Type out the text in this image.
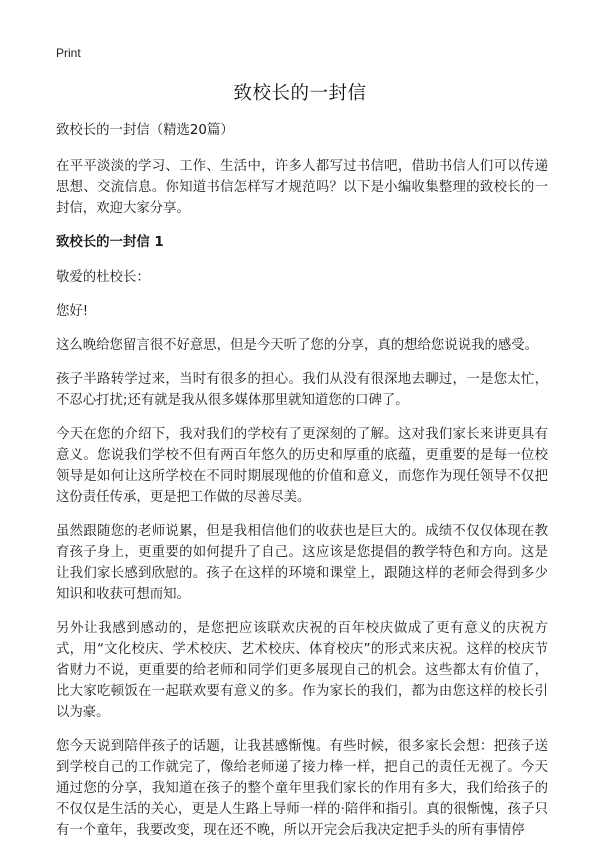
Print
致校长的一封信

致校长的一封信（精选20篇）

在平平淡淡的学习、工作、生活中，许多人都写过书信吧，借助书信人们可以传递思想、交流信息。你知道书信怎样写才规范吗？以下是小编收集整理的致校长的一封信，欢迎大家分享。

致校长的一封信 1

敬爱的杜校长：

您好!

这么晚给您留言很不好意思，但是今天听了您的分享，真的想给您说说我的感受。

孩子半路转学过来，当时有很多的担心。我们从没有很深地去聊过，一是您太忙，不忍心打扰;还有就是我从很多媒体那里就知道您的口碑了。

今天在您的介绍下，我对我们的学校有了更深刻的了解。这对我们家长来讲更具有意义。您说我们学校不但有两百年悠久的历史和厚重的底蕴，更重要的是每一位校领导是如何让这所学校在不同时期展现他的价值和意义，而您作为现任领导不仅把这份责任传承，更是把工作做的尽善尽美。

虽然跟随您的老师说累，但是我相信他们的收获也是巨大的。成绩不仅仅体现在教育孩子身上，更重要的如何提升了自己。这应该是您提倡的教学特色和方向。这是让我们家长感到欣慰的。孩子在这样的环境和课堂上，跟随这样的老师会得到多少知识和收获可想而知。

另外让我感到感动的，是您把应该联欢庆祝的百年校庆做成了更有意义的庆祝方式，用“文化校庆、学术校庆、艺术校庆、体育校庆”的形式来庆祝。这样的校庆节省财力不说，更重要的给老师和同学们更多展现自己的机会。这些都太有价值了，比大家吃顿饭在一起联欢要有意义的多。作为家长的我们，都为由您这样的校长引以为豪。

您今天说到陪伴孩子的话题，让我甚感惭愧。有些时候，很多家长会想：把孩子送到学校自己的工作就完了，像给老师递了接力棒一样，把自己的责任无视了。今天通过您的分享，我知道在孩子的整个童年里我们家长的作用有多大，我们给孩子的不仅仅是生活的关心，更是人生路上导师一样的·陪伴和指引。真的很惭愧，孩子只有一个童年，我要改变，现在还不晚，所以开完会后我决定把手头的所有事情停
